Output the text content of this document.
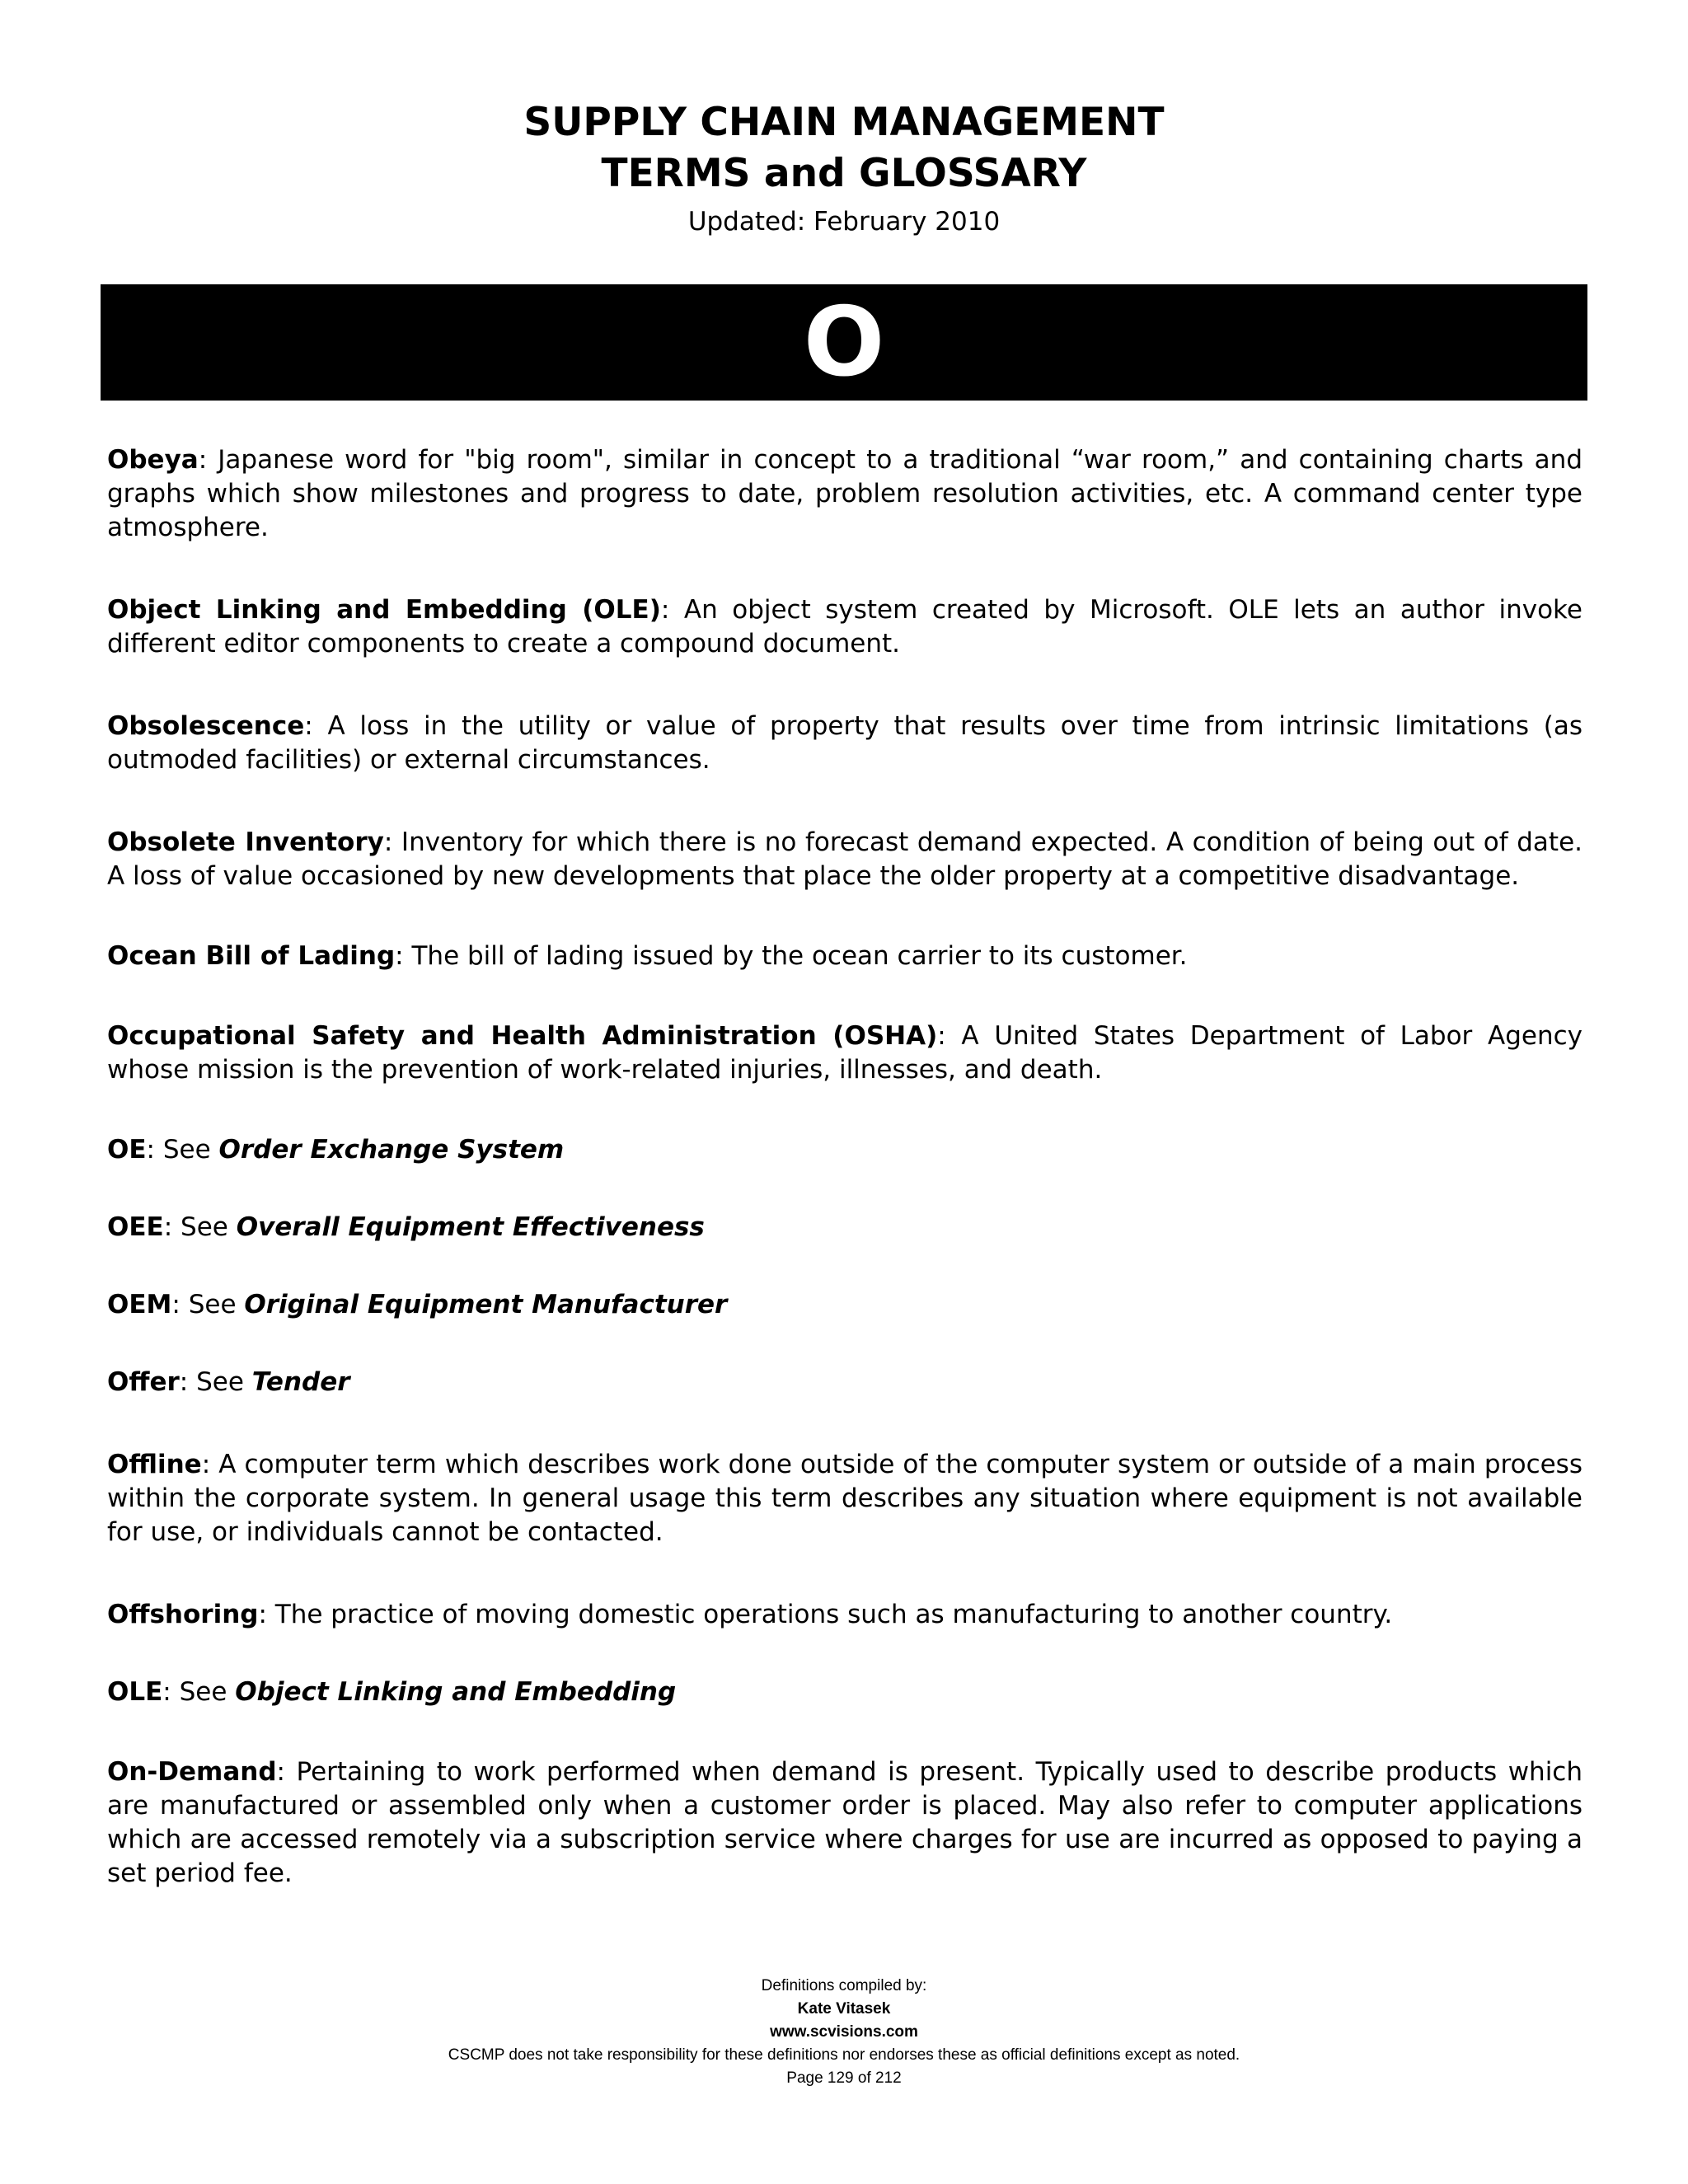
SUPPLY CHAIN MANAGEMENT
TERMS and GLOSSARY
Updated: February 2010
O

Obeya: Japanese word for "big room", similar in concept to a traditional “war room,” and containing charts and graphs which show milestones and progress to date, problem resolution activities, etc. A command center type atmosphere.

Object Linking and Embedding (OLE): An object system created by Microsoft. OLE lets an author invoke different editor components to create a compound document.

Obsolescence: A loss in the utility or value of property that results over time from intrinsic limitations (as outmoded facilities) or external circumstances.

Obsolete Inventory: Inventory for which there is no forecast demand expected. A condition of being out of date. A loss of value occasioned by new developments that place the older property at a competitive disadvantage.

Ocean Bill of Lading: The bill of lading issued by the ocean carrier to its customer.

Occupational Safety and Health Administration (OSHA): A United States Department of Labor Agency whose mission is the prevention of work-related injuries, illnesses, and death.

OE: See Order Exchange System

OEE: See Overall Equipment Effectiveness

OEM: See Original Equipment Manufacturer

Offer: See Tender

Offline: A computer term which describes work done outside of the computer system or outside of a main process within the corporate system. In general usage this term describes any situation where equipment is not available for use, or individuals cannot be contacted.

Offshoring: The practice of moving domestic operations such as manufacturing to another country.

OLE: See Object Linking and Embedding

On-Demand: Pertaining to work performed when demand is present. Typically used to describe products which are manufactured or assembled only when a customer order is placed. May also refer to computer applications which are accessed remotely via a subscription service where charges for use are incurred as opposed to paying a set period fee.

Definitions compiled by:
Kate Vitasek
www.scvisions.com
CSCMP does not take responsibility for these definitions nor endorses these as official definitions except as noted.
Page 129 of 212
